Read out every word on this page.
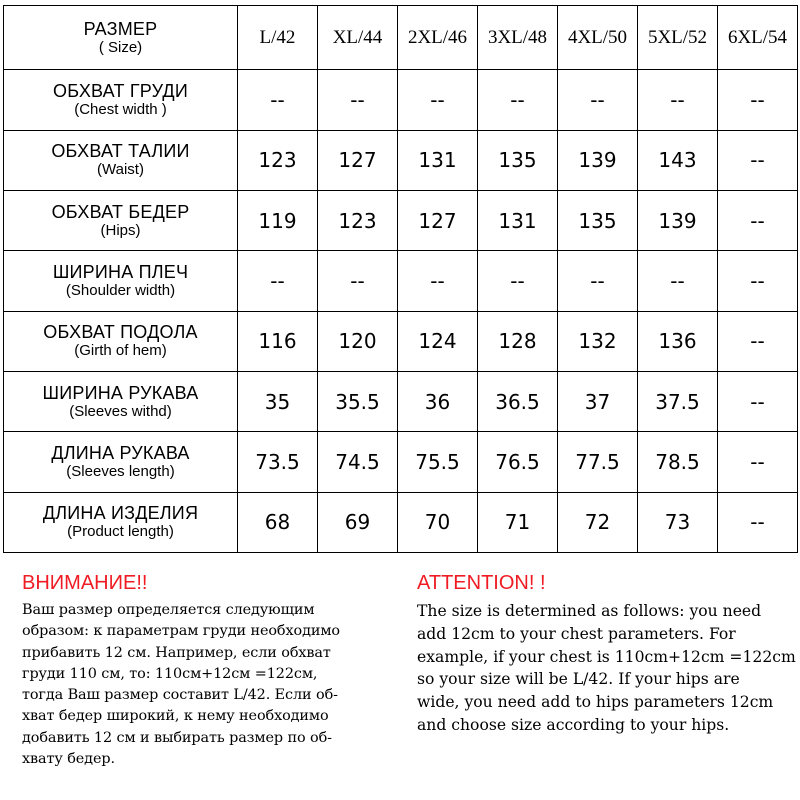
РАЗМЕР
( Size)	L/42	XL/44	2XL/46	3XL/48	4XL/50	5XL/52	6XL/54

ОБХВАТ ГРУДИ
(Chest width )	--	--	--	--	--	--	--

ОБХВАТ ТАЛИИ
(Waist)	123	127	131	135	139	143	--

ОБХВАТ БЕДЕР
(Hips)	119	123	127	131	135	139	--

ШИРИНА ПЛЕЧ
(Shoulder width)	--	--	--	--	--	--	--

ОБХВАТ ПОДОЛА
(Girth of hem)	116	120	124	128	132	136	--

ШИРИНА РУКАВА
(Sleeves withd)	35	35.5	36	36.5	37	37.5	--

ДЛИНА РУКАВА
(Sleeves length)	73.5	74.5	75.5	76.5	77.5	78.5	--

ДЛИНА ИЗДЕЛИЯ
(Product length)	68	69	70	71	72	73	--
ВНИМАНИЕ!!
Ваш размер определяется следующим
образом: к параметрам груди необходимо
прибавить 12 см. Например, если обхват
груди 110 см, то: 110см+12см =122см,
тогда Ваш размер составит L/42. Если об-
хват бедер широкий, к нему необходимо
добавить 12 см и выбирать размер по об-
хвату бедер.
ATTENTION! !
The size is determined as follows: you need
add 12cm to your chest parameters. For
example, if your chest is 110cm+12cm =122cm
so your size will be L/42. If your hips are
wide, you need add to hips parameters 12cm
and choose size according to your hips.
